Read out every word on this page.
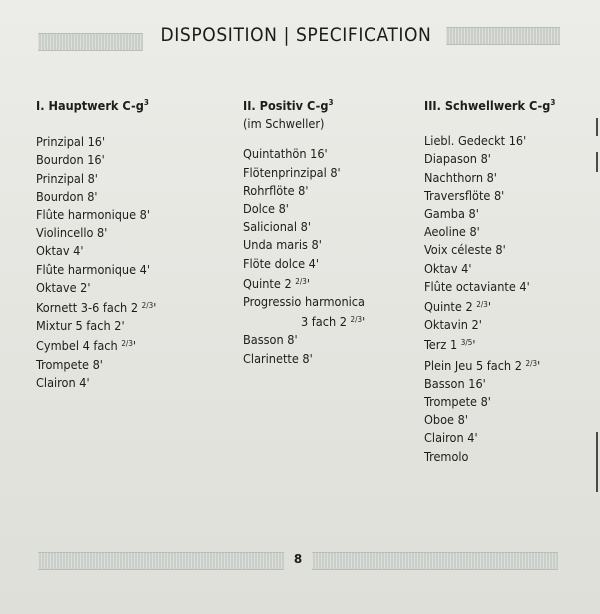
DISPOSITION | SPECIFICATION
I. Hauptwerk $C-g^3$
Prinzipal 16'
Bourdon 16'
Prinzipal 8'
Bourdon 8'
Flûte harmonique 8'
Violincello 8'
Oktav 4'
Flûte harmonique 4'
Oktave 2'
Kornett 3-6 fach 2 $^{2/3}$'
Mixtur 5 fach 2'
Cymbel 4 fach $^{2/3}$'
Trompete 8'
Clairon 4'
II. Positiv $C-g^3$
(im Schweller)
Quintathön 16'
Flötenprinzipal 8'
Rohrflöte 8'
Dolce 8'
Salicional 8'
Unda maris 8'
Flöte dolce 4'
Quinte 2 $^{2/3}$'
Progressio harmonica
3 fach 2 $^{2/3}$'
Basson 8'
Clarinette 8'
III. Schwellwerk $C-g^3$
Liebl. Gedeckt 16'
Diapason 8'
Nachthorn 8'
Traversflöte 8'
Gamba 8'
Aeoline 8'
Voix céleste 8'
Oktav 4'
Flûte octaviante 4'
Quinte 2 $^{2/3}$'
Oktavin 2'
Terz 1 $^{3/5}$'
Plein Jeu 5 fach 2 $^{2/3}$'
Basson 16'
Trompete 8'
Oboe 8'
Clairon 4'
Tremolo
8
